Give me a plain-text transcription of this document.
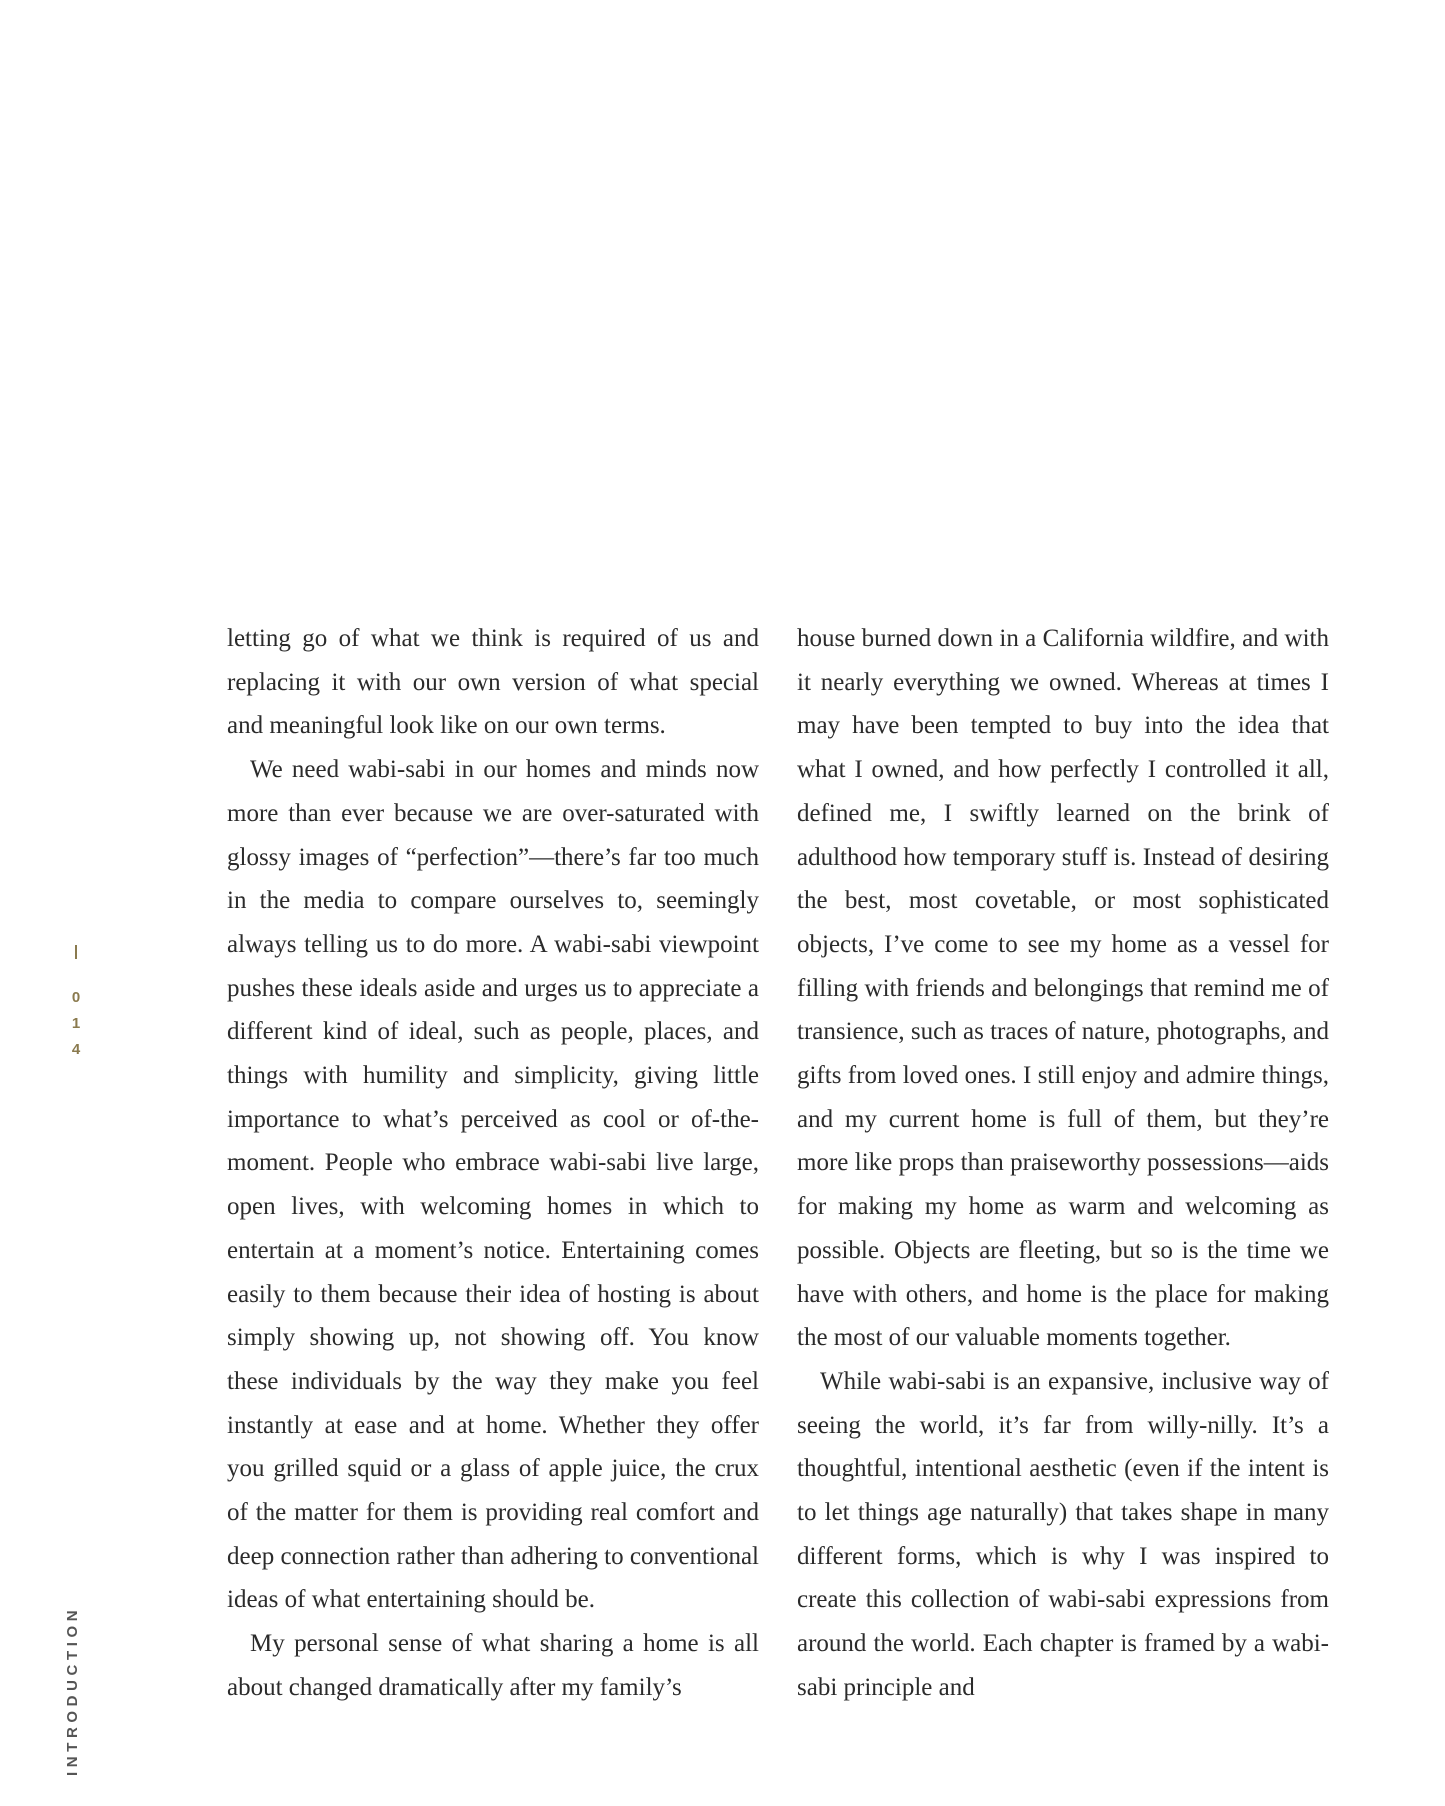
0
1
4
INTRODUCTION

letting go of what we think is required of us and replacing it with our own version of what special and meaningful look like on our own terms.

We need wabi-sabi in our homes and minds now more than ever because we are over-saturated with glossy images of “perfection”—there’s far too much in the media to compare ourselves to, seemingly always telling us to do more. A wabi-sabi viewpoint pushes these ideals aside and urges us to appreciate a different kind of ideal, such as people, places, and things with humility and simplicity, giving little importance to what’s perceived as cool or of-the-moment. People who embrace wabi-sabi live large, open lives, with welcoming homes in which to entertain at a moment’s notice. Entertaining comes easily to them because their idea of hosting is about simply showing up, not showing off. You know these individuals by the way they make you feel instantly at ease and at home. Whether they offer you grilled squid or a glass of apple juice, the crux of the matter for them is providing real comfort and deep connection rather than adhering to conventional ideas of what entertaining should be.

My personal sense of what sharing a home is all about changed dramatically after my family’s

house burned down in a California wildfire, and with it nearly everything we owned. Whereas at times I may have been tempted to buy into the idea that what I owned, and how perfectly I controlled it all, defined me, I swiftly learned on the brink of adulthood how temporary stuff is. Instead of desiring the best, most covetable, or most sophisticated objects, I’ve come to see my home as a vessel for filling with friends and belongings that remind me of transience, such as traces of nature, photographs, and gifts from loved ones. I still enjoy and admire things, and my current home is full of them, but they’re more like props than praiseworthy possessions—aids for making my home as warm and welcoming as possible. Objects are fleeting, but so is the time we have with others, and home is the place for making the most of our valuable moments together.

While wabi-sabi is an expansive, inclusive way of seeing the world, it’s far from willy-nilly. It’s a thoughtful, intentional aesthetic (even if the intent is to let things age naturally) that takes shape in many different forms, which is why I was inspired to create this collection of wabi-sabi expressions from around the world. Each chapter is framed by a wabi-sabi principle and
